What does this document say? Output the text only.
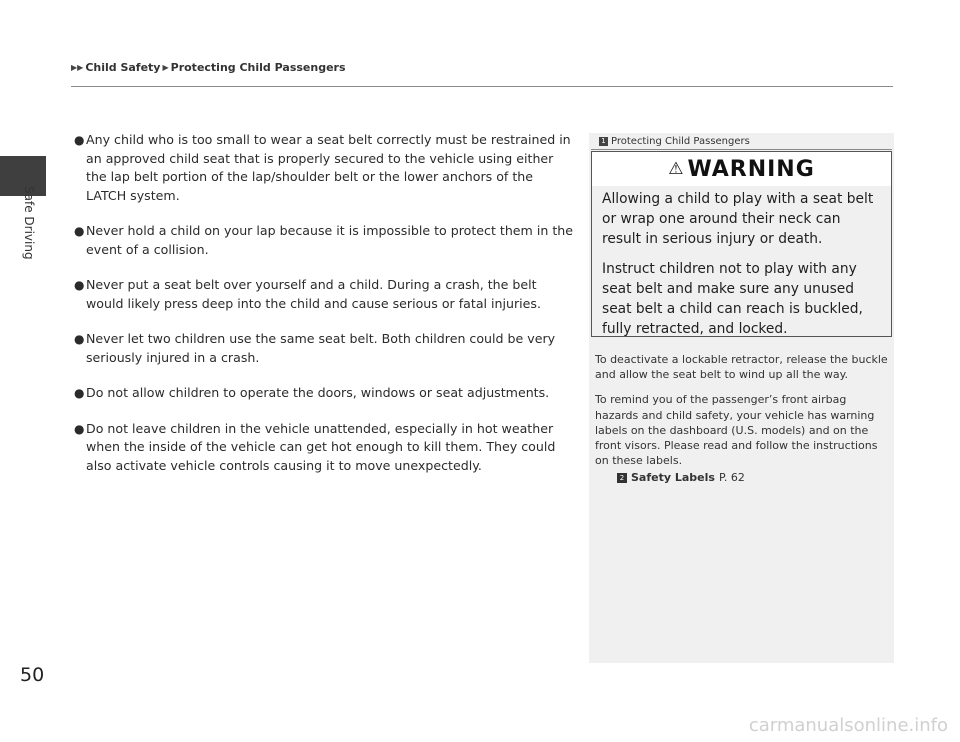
Safe Driving
50
▶▶ Child Safety ▶ Protecting Child Passengers
● Any child who is too small to wear a seat belt correctly must be restrained in an approved child seat that is properly secured to the vehicle using either the lap belt portion of the lap/shoulder belt or the lower anchors of the LATCH system.
● Never hold a child on your lap because it is impossible to protect them in the event of a collision.
● Never put a seat belt over yourself and a child. During a crash, the belt would likely press deep into the child and cause serious or fatal injuries.
● Never let two children use the same seat belt. Both children could be very seriously injured in a crash.
● Do not allow children to operate the doors, windows or seat adjustments.
● Do not leave children in the vehicle unattended, especially in hot weather when the inside of the vehicle can get hot enough to kill them. They could also activate vehicle controls causing it to move unexpectedly.
1 Protecting Child Passengers
⚠ WARNING

Allowing a child to play with a seat belt or wrap one around their neck can result in serious injury or death.

Instruct children not to play with any seat belt and make sure any unused seat belt a child can reach is buckled, fully retracted, and locked.

To deactivate a lockable retractor, release the buckle and allow the seat belt to wind up all the way.

To remind you of the passenger’s front airbag hazards and child safety, your vehicle has warning labels on the dashboard (U.S. models) and on the front visors. Please read and follow the instructions on these labels.

2 Safety Labels P. 62
carmanualsonline.info
